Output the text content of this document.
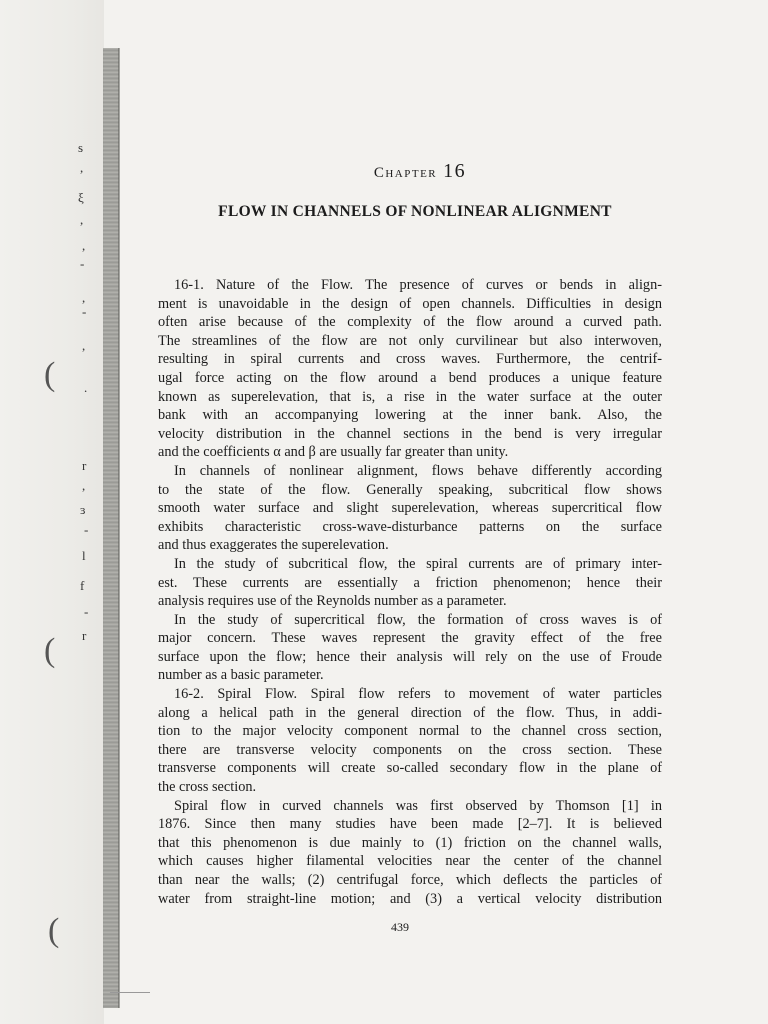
s
,
ξ
,
,
-
,
-
,
( .
r
,
ɜ
-
l
f
-
r
(
(
Chapter 16
FLOW IN CHANNELS OF NONLINEAR ALIGNMENT
16-1. Nature of the Flow. The presence of curves or bends in align-
ment is unavoidable in the design of open channels. Difficulties in design
often arise because of the complexity of the flow around a curved path.
The streamlines of the flow are not only curvilinear but also interwoven,
resulting in spiral currents and cross waves. Furthermore, the centrif-
ugal force acting on the flow around a bend produces a unique feature
known as superelevation, that is, a rise in the water surface at the outer
bank with an accompanying lowering at the inner bank. Also, the
velocity distribution in the channel sections in the bend is very irregular
and the coefficients α and β are usually far greater than unity.
In channels of nonlinear alignment, flows behave differently according
to the state of the flow. Generally speaking, subcritical flow shows
smooth water surface and slight superelevation, whereas supercritical flow
exhibits characteristic cross-wave-disturbance patterns on the surface
and thus exaggerates the superelevation.
In the study of subcritical flow, the spiral currents are of primary inter-
est. These currents are essentially a friction phenomenon; hence their
analysis requires use of the Reynolds number as a parameter.
In the study of supercritical flow, the formation of cross waves is of
major concern. These waves represent the gravity effect of the free
surface upon the flow; hence their analysis will rely on the use of Froude
number as a basic parameter.
16-2. Spiral Flow. Spiral flow refers to movement of water particles
along a helical path in the general direction of the flow. Thus, in addi-
tion to the major velocity component normal to the channel cross section,
there are transverse velocity components on the cross section. These
transverse components will create so-called secondary flow in the plane of
the cross section.
Spiral flow in curved channels was first observed by Thomson [1] in
1876. Since then many studies have been made [2–7]. It is believed
that this phenomenon is due mainly to (1) friction on the channel walls,
which causes higher filamental velocities near the center of the channel
than near the walls; (2) centrifugal force, which deflects the particles of
water from straight-line motion; and (3) a vertical velocity distribution
439
